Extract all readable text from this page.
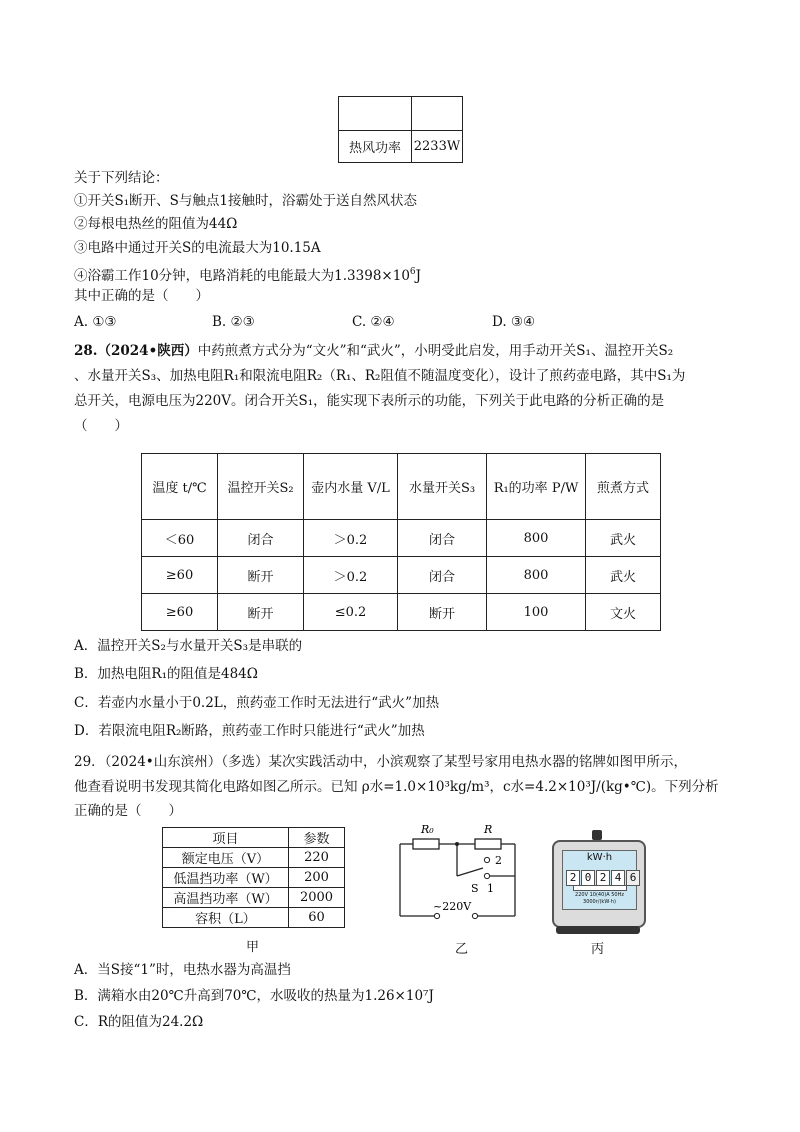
热风功率	2233W
关于下列结论：
①开关S₁断开、S与触点1接触时，浴霸处于送自然风状态
②每根电热丝的阻值为44Ω
③电路中通过开关S的电流最大为10.15A
④浴霸工作10分钟，电路消耗的电能最大为$1.3398\times 10^6J$
其中正确的是（　　）
A. ①③	B. ②③	C. ②④	D. ③④
28.（2024•陕西）中药煎煮方式分为“文火”和“武火”，小明受此启发，用手动开关S₁、温控开关S₂
、水量开关S₃、加热电阻R₁和限流电阻R₂（R₁、R₂阻值不随温度变化），设计了煎药壶电路，其中S₁为
总开关，电源电压为220V。闭合开关S₁，能实现下表所示的功能，下列关于此电路的分析正确的是
（　　）
温度 t/℃	温控开关S₂	壶内水量 V/L	水量开关S₃	R₁的功率 P/W	煎煮方式
＜60	闭合	＞0.2	闭合	800	武火
≥60	断开	＞0.2	闭合	800	武火
≥60	断开	≤0.2	断开	100	文火
A．温控开关S₂与水量开关S₃是串联的
B．加热电阻R₁的阻值是484Ω
C．若壶内水量小于0.2L，煎药壶工作时无法进行“武火”加热
D．若限流电阻R₂断路，煎药壶工作时只能进行“武火”加热
29．（2024•山东滨州）（多选）某次实践活动中，小滨观察了某型号家用电热水器的铭牌如图甲所示，
他查看说明书发现其简化电路如图乙所示。已知 ρ水=1.0×10³kg/m³，c水=4.2×10³J/(kg•℃)。下列分析
正确的是（　　）
项目	参数
额定电压（V）	220
低温挡功率（W）	200
高温挡功率（W）	2000
容积（L）	60
甲
R₀	R
2
S 1
~220V
乙
kW·h
2 0 2 4 6
220V 10(40)A 50Hz
3000r/(kW·h)
丙
A．当S接“1”时，电热水器为高温挡
B．满箱水由20℃升高到70℃，水吸收的热量为1.26×10⁷J
C．R的阻值为24.2Ω
